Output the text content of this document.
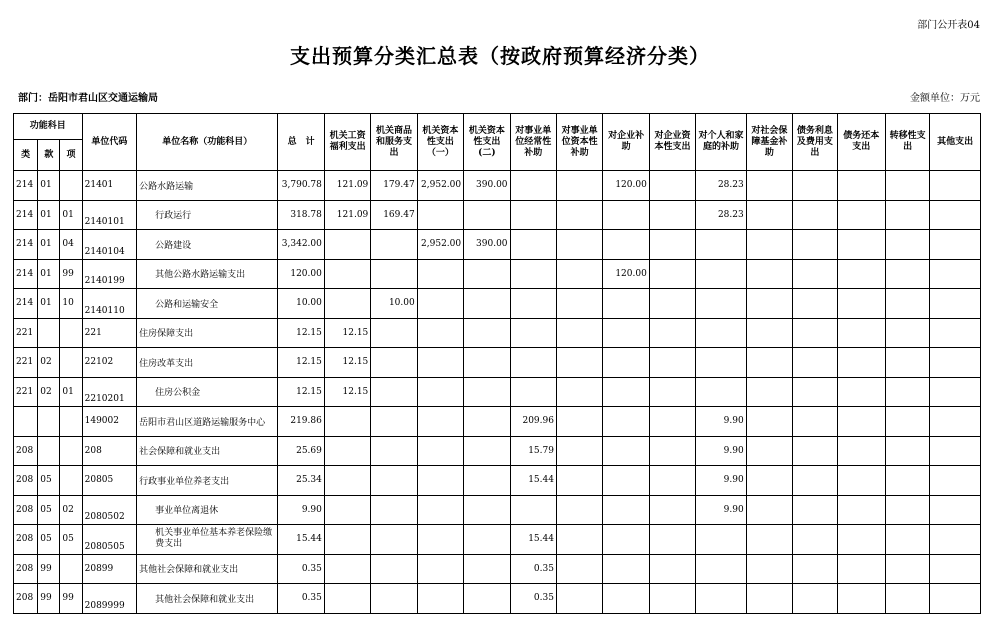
部门公开表04
支出预算分类汇总表（按政府预算经济分类）
部门：岳阳市君山区交通运输局	金额单位：万元
功能科目			单位代码	单位名称（功能科目）	总　计	机关工资福利支出	机关商品和服务支出	机关资本性支出（一）	机关资本性支出(二)	对事业单位经常性补助	对事业单位资本性补助	对企业补助	对企业资本性支出	对个人和家庭的补助	对社会保障基金补助	债务利息及费用支出	债务还本支出	转移性支出	其他支出
类	款	项																	
214	01		21401	公路水路运输	3,790.78	121.09	179.47	2,952.00	390.00			120.00		28.23					
214	01	01	2140101	行政运行	318.78	121.09	169.47							28.23					
214	01	04	2140104	公路建设	3,342.00			2,952.00	390.00										
214	01	99	2140199	其他公路水路运输支出	120.00							120.00							
214	01	10	2140110	公路和运输安全	10.00		10.00												
221			221	住房保障支出	12.15	12.15													
221	02		22102	住房改革支出	12.15	12.15													
221	02	01	2210201	住房公积金	12.15	12.15													
			149002	岳阳市君山区道路运输服务中心	219.86					209.96				9.90					
208			208	社会保障和就业支出	25.69					15.79				9.90					
208	05		20805	行政事业单位养老支出	25.34					15.44				9.90					
208	05	02	2080502	事业单位离退休	9.90									9.90					
208	05	05	2080505	机关事业单位基本养老保险缴费支出	15.44					15.44									
208	99		20899	其他社会保障和就业支出	0.35					0.35									
208	99	99	2089999	其他社会保障和就业支出	0.35					0.35									
